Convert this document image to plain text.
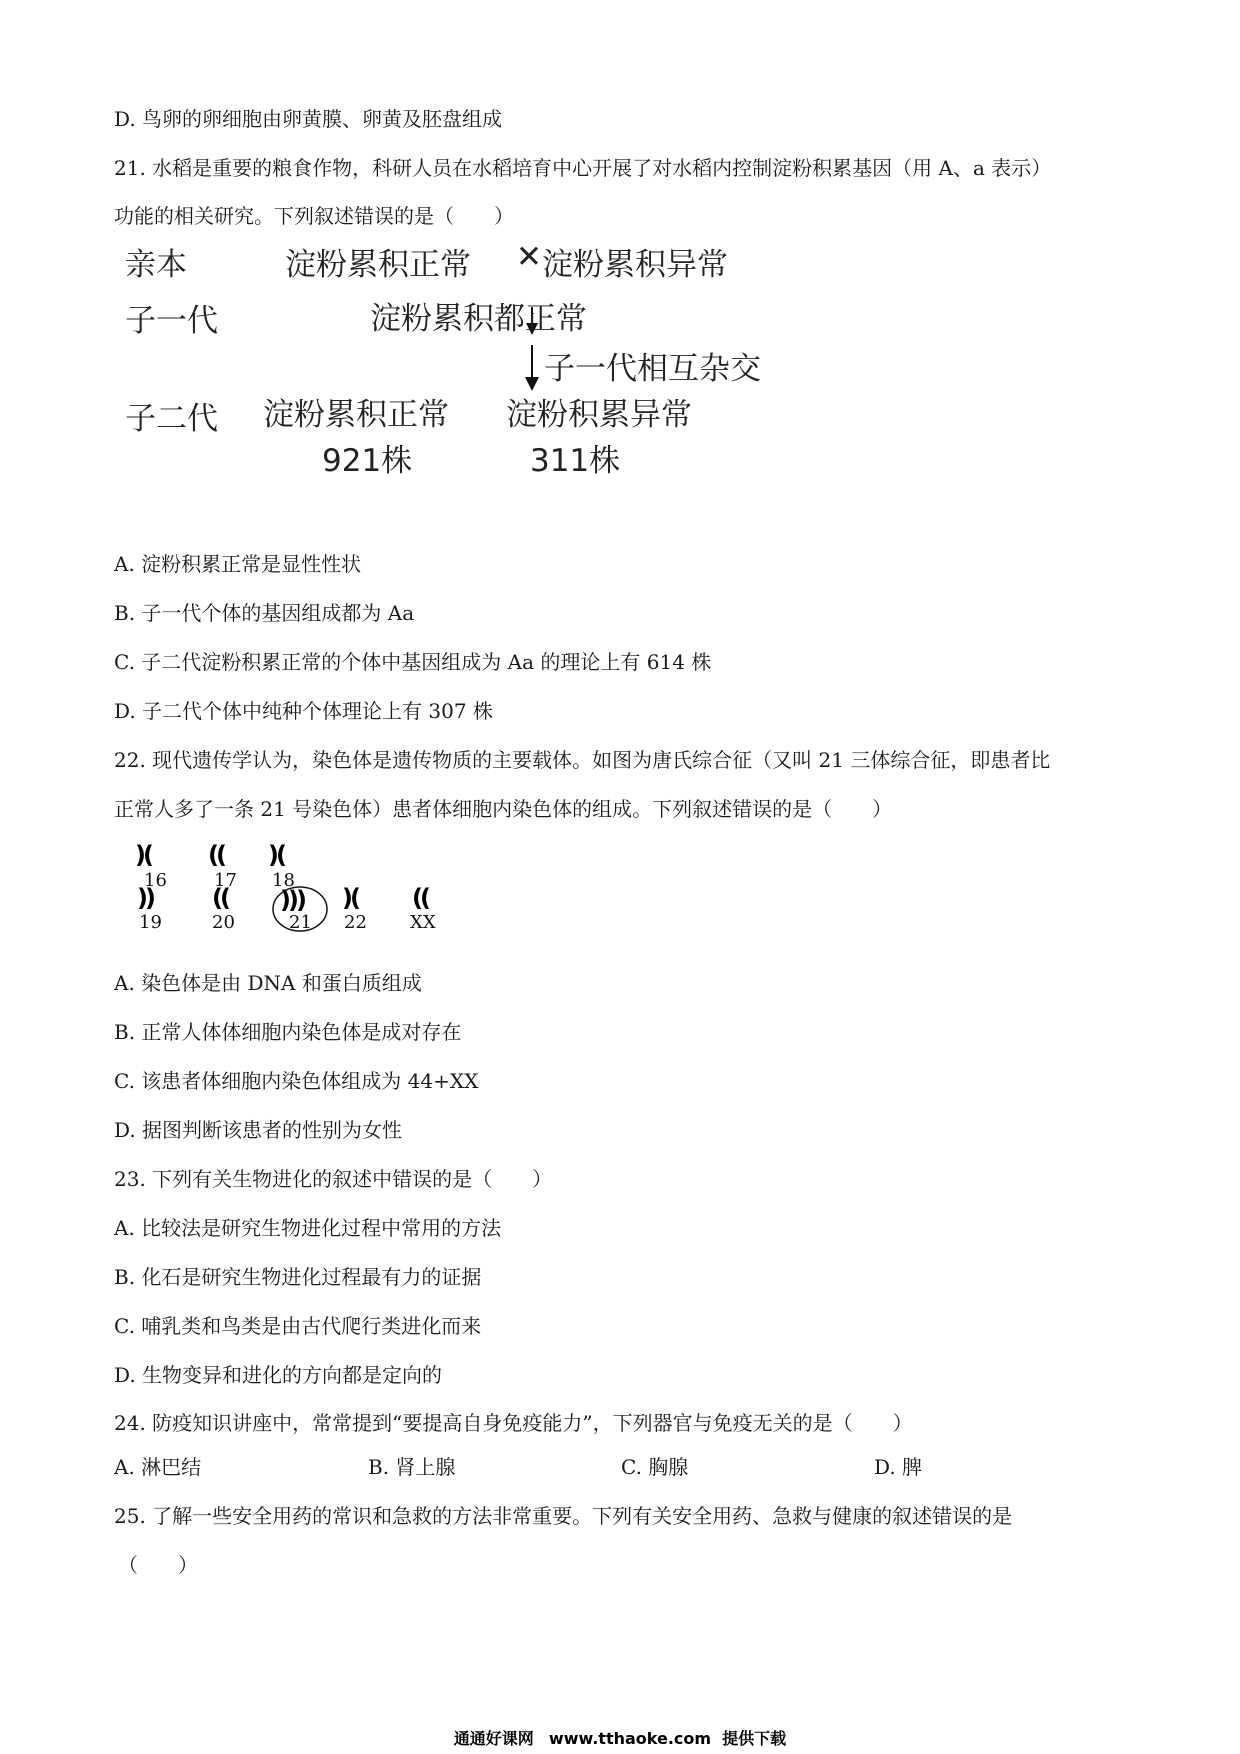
D. 鸟卵的卵细胞由卵黄膜、卵黄及胚盘组成
21. 水稻是重要的粮食作物，科研人员在水稻培育中心开展了对水稻内控制淀粉积累基因（用 A、a 表示）
功能的相关研究。下列叙述错误的是（　　）
亲本	淀粉累积正常 ✕ 淀粉累积异常
子一代	淀粉累积都正常
子一代相互杂交
子二代 淀粉累积正常 淀粉积累异常
921株	311株
A. 淀粉积累正常是显性性状
B. 子一代个体的基因组成都为 Aa
C. 子二代淀粉积累正常的个体中基因组成为 Aa 的理论上有 614 株
D. 子二代个体中纯种个体理论上有 307 株
22. 现代遗传学认为，染色体是遗传物质的主要载体。如图为唐氏综合征（又叫 21 三体综合征，即患者比
正常人多了一条 21 号染色体）患者体细胞内染色体的组成。下列叙述错误的是（　　）
)( (( )(
16	17 18
)) (( ))) )( ((
19	20	21 22 XX
A. 染色体是由 DNA 和蛋白质组成
B. 正常人体体细胞内染色体是成对存在
C. 该患者体细胞内染色体组成为 44+XX
D. 据图判断该患者的性别为女性
23. 下列有关生物进化的叙述中错误的是（　　）
A. 比较法是研究生物进化过程中常用的方法
B. 化石是研究生物进化过程最有力的证据
C. 哺乳类和鸟类是由古代爬行类进化而来
D. 生物变异和进化的方向都是定向的
24. 防疫知识讲座中，常常提到“要提高自身免疫能力”，下列器官与免疫无关的是（　　）
A. 淋巴结	B. 肾上腺	C. 胸腺	D. 脾
25. 了解一些安全用药的常识和急救的方法非常重要。下列有关安全用药、急救与健康的叙述错误的是
（　　）
通通好课网 www.tthaoke.com 提供下载
